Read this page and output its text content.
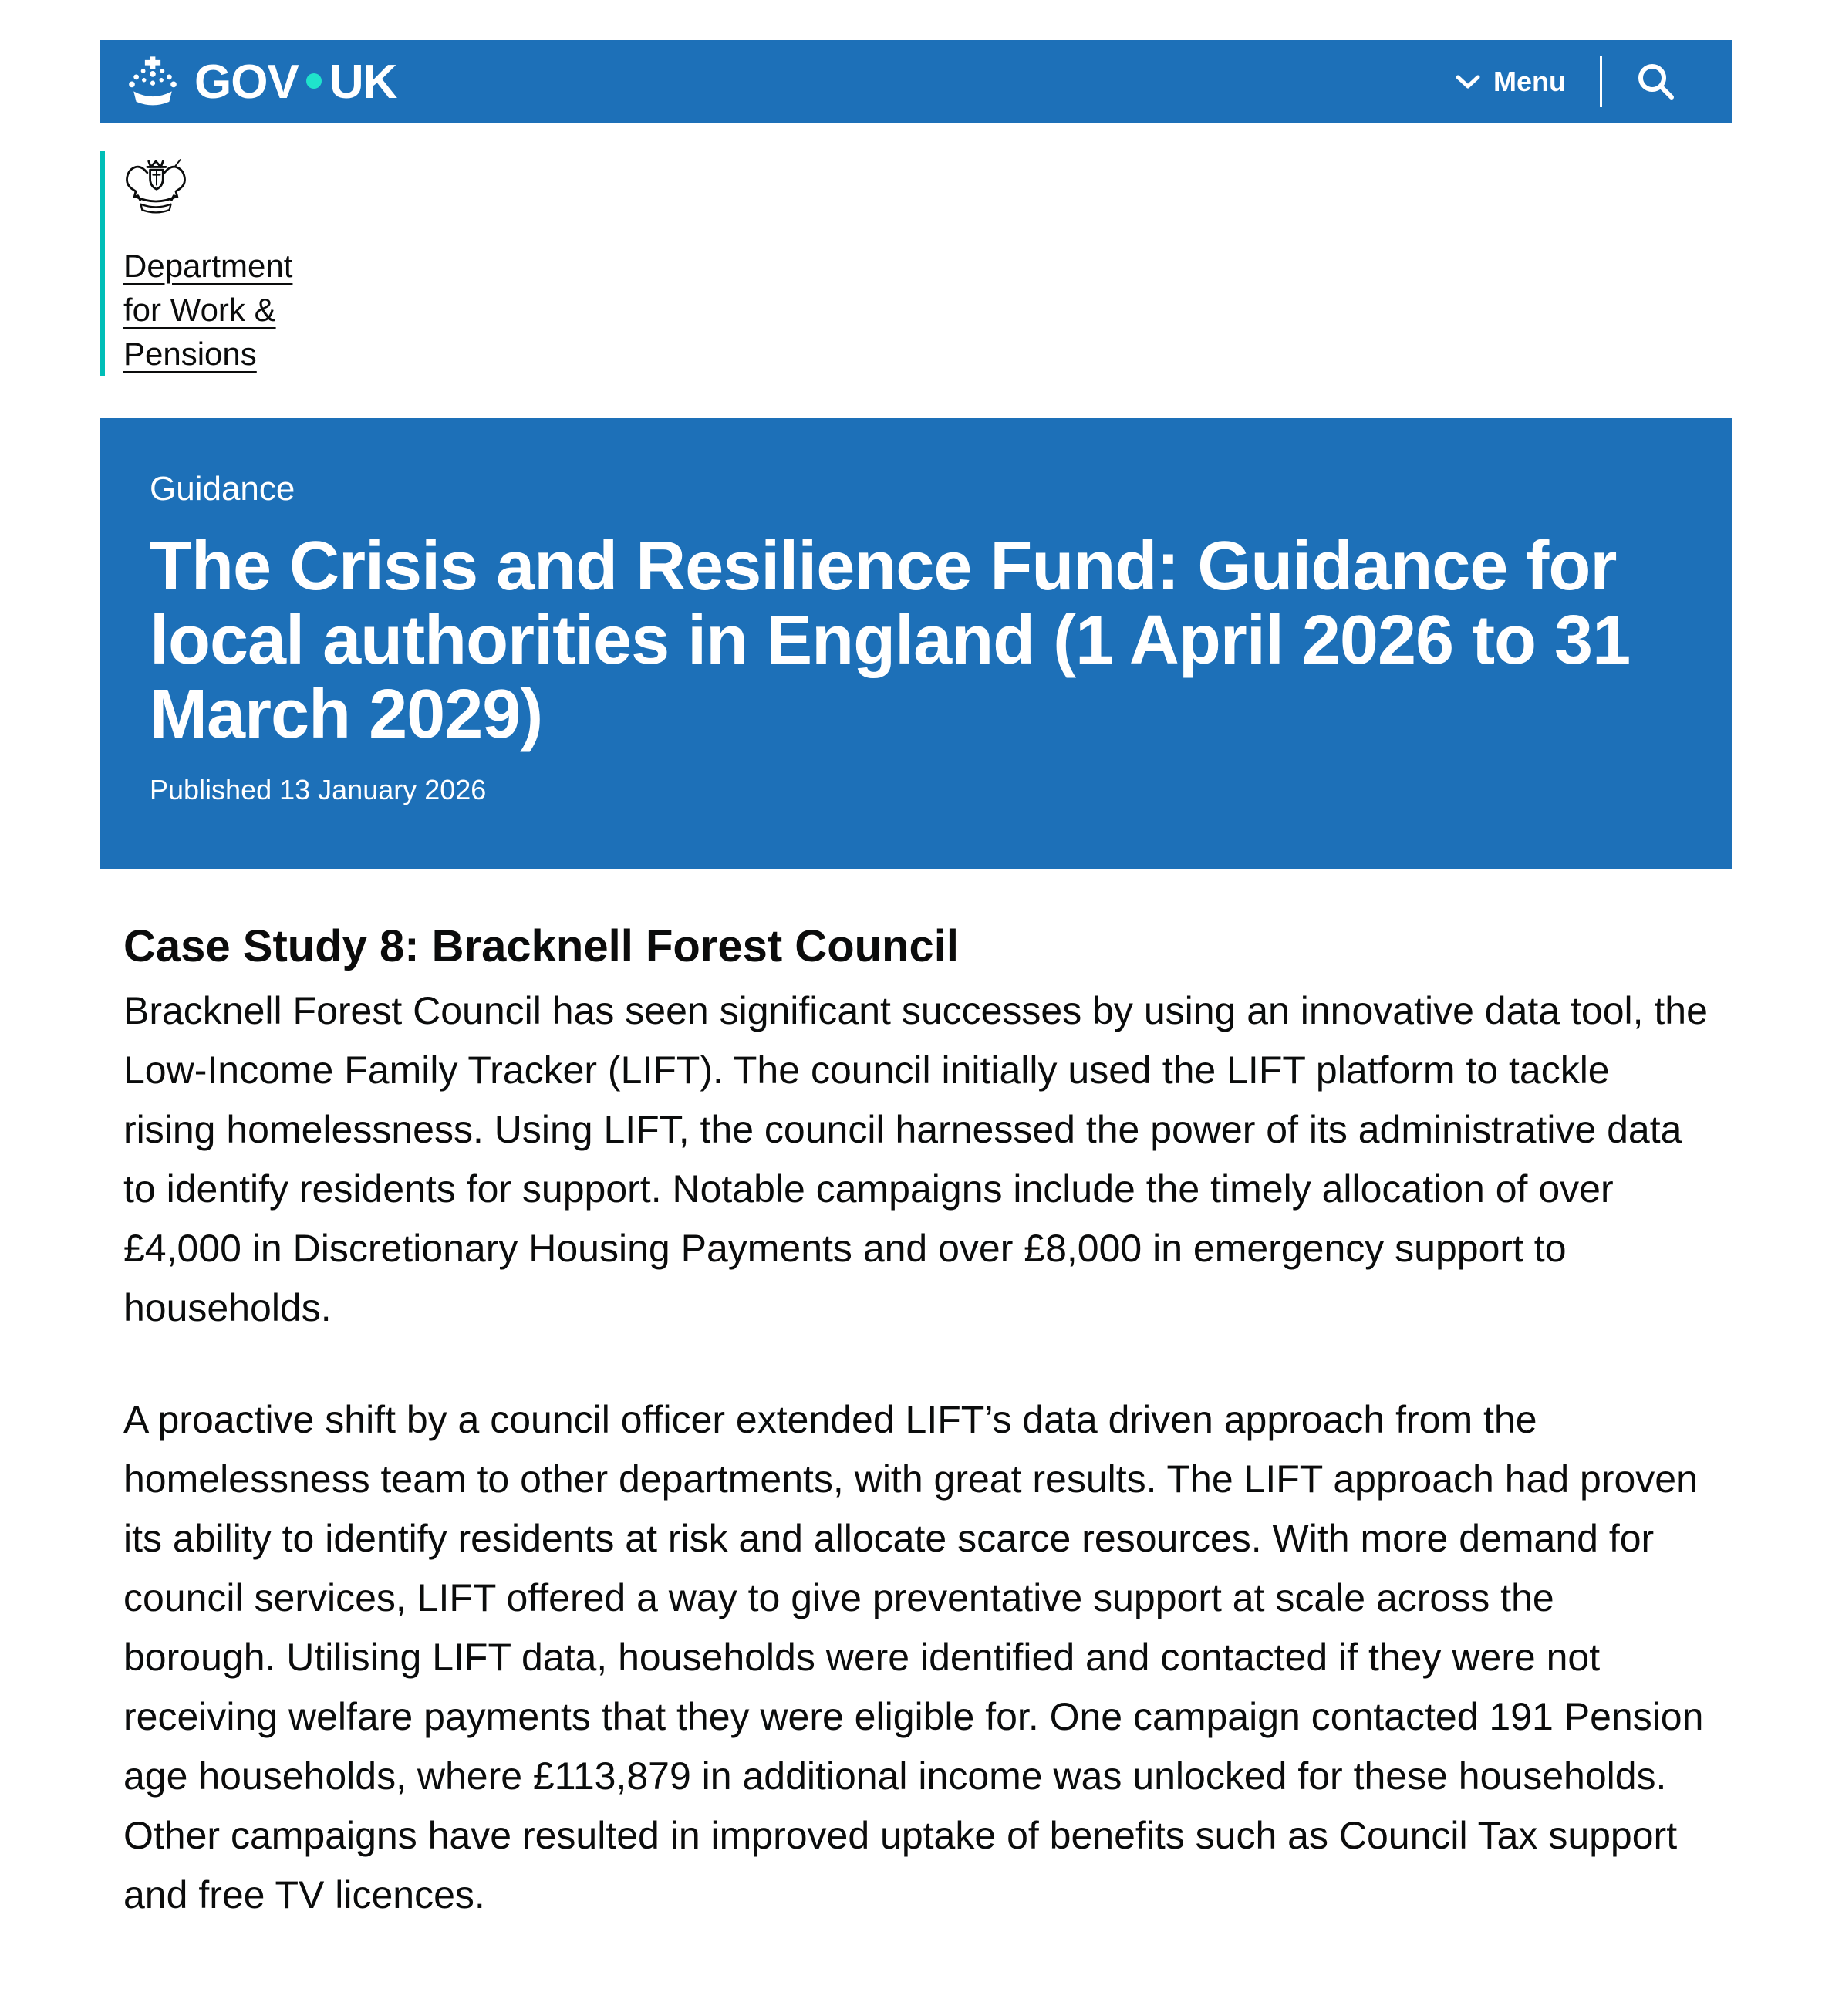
GOV UK	Menu
Department
for Work &
Pensions

Guidance

The Crisis and Resilience Fund: Guidance for local authorities in England (1 April 2026 to 31 March 2029)

Published 13 January 2026

Case Study 8: Bracknell Forest Council

Bracknell Forest Council has seen significant successes by using an innovative data tool, the Low-Income Family Tracker (LIFT). The council initially used the LIFT platform to tackle rising homelessness. Using LIFT, the council harnessed the power of its administrative data to identify residents for support. Notable campaigns include the timely allocation of over £4,000 in Discretionary Housing Payments and over £8,000 in emergency support to households.

A proactive shift by a council officer extended LIFT’s data driven approach from the homelessness team to other departments, with great results. The LIFT approach had proven its ability to identify residents at risk and allocate scarce resources. With more demand for council services, LIFT offered a way to give preventative support at scale across the borough. Utilising LIFT data, households were identified and contacted if they were not receiving welfare payments that they were eligible for. One campaign contacted 191 Pension age households, where £113,879 in additional income was unlocked for these households. Other campaigns have resulted in improved uptake of benefits such as Council Tax support and free TV licences.
